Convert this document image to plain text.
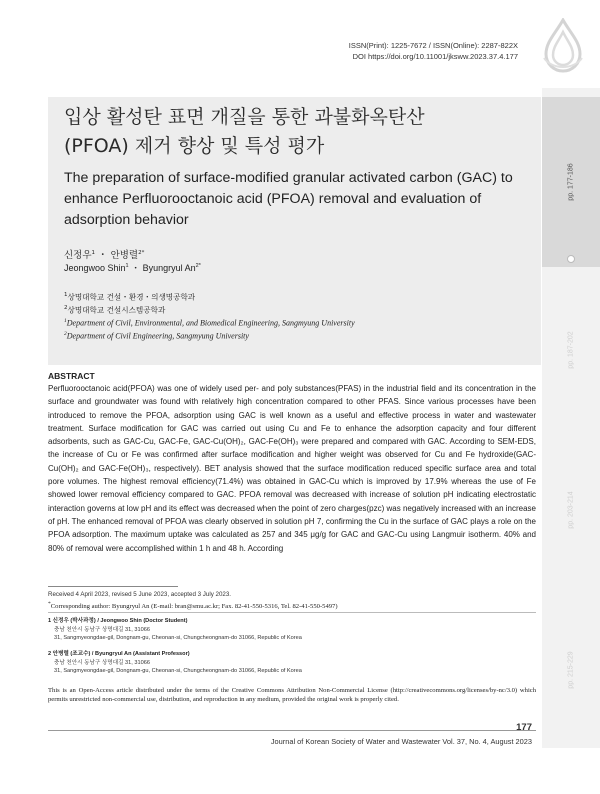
ISSN(Print): 1225-7672 / ISSN(Online): 2287-822X
DOI https://doi.org/10.11001/jksww.2023.37.4.177
pp. 177-186
pp. 187-202
pp. 203-214
pp. 215-229
입상 활성탄 표면 개질을 통한 과불화옥탄산
(PFOA) 제거 향상 및 특성 평가
The preparation of surface-modified granular activated carbon (GAC) to enhance Perfluorooctanoic acid (PFOA) removal and evaluation of adsorption behavior
신정우$^1$ ・ 안병렬$^{2*}$
Jeongwoo Shin$^1$ ・ Byungryul $An^{2*}$
$^1$상명대학교 건설・환경・의생명공학과
$^2$상명대학교 건설시스템공학과
$^1$Department of Civil, Environmental, and Biomedical Engineering, Sangmyung University
$^2$Department of Civil Engineering, Sangmyung University
ABSTRACT
Perfluorooctanoic acid(PFOA) was one of widely used per- and poly substances(PFAS) in the industrial field and its concentration in the surface and groundwater was found with relatively high concentration compared to other PFAS. Since various processes have been introduced to remove the PFOA, adsorption using GAC is well known as a useful and effective process in water and wastewater treatment. Surface modification for GAC was carried out using Cu and Fe to enhance the adsorption capacity and four different adsorbents, such as GAC-Cu, GAC-Fe, GAC-Cu(OH)₂, GAC-Fe(OH)₃ were prepared and compared with GAC. According to SEM-EDS, the increase of Cu or Fe was confirmed after surface modification and higher weight was observed for Cu and Fe hydroxide(GAC-Cu(OH)₂ and GAC-Fe(OH)₃, respectively). BET analysis showed that the surface modification reduced specific surface area and total pore volumes. The highest removal efficiency(71.4%) was obtained in GAC-Cu which is improved by 17.9% whereas the use of Fe showed lower removal efficiency compared to GAC. PFOA removal was decreased with increase of solution pH indicating electrostatic interaction governs at low pH and its effect was decreased when the point of zero charges(pzc) was negatively increased with an increase of pH. The enhanced removal of PFOA was clearly observed in solution pH 7, confirming the Cu in the surface of GAC plays a role on the PFOA adsorption. The maximum uptake was calculated as 257 and 345 μg/g for GAC and GAC-Cu using Langmuir isotherm. 40% and 80% of removal were accomplished within 1 h and 48 h. According
Received 4 April 2023, revised 5 June 2023, accepted 3 July 2023.
*Corresponding author: Byungryul An (E-mail: bran@smu.ac.kr; Fax. 82-41-550-5316, Tel. 82-41-550-5497)
1 신정우 (박사과정) / Jeongwoo Shin (Doctor Student)
충남 천안시 동남구 상명대길 31, 31066
31, Sangmyeongdae-gil, Dongnam-gu, Cheonan-si, Chungcheongnam-do 31066, Republic of Korea
2 안병렬 (조교수) / Byungryul An (Assistant Professor)
충남 천안시 동남구 상명대길 31, 31066
31, Sangmyeongdae-gil, Dongnam-gu, Cheonan-si, Chungcheongnam-do 31066, Republic of Korea
This is an Open-Access article distributed under the terms of the Creative Commons Attribution Non-Commercial License (http://creativecommons.org/licenses/by-nc/3.0) which permits unrestricted non-commercial use, distribution, and reproduction in any medium, provided the original work is properly cited.
177
Journal of Korean Society of Water and Wastewater Vol. 37, No. 4, August 2023
